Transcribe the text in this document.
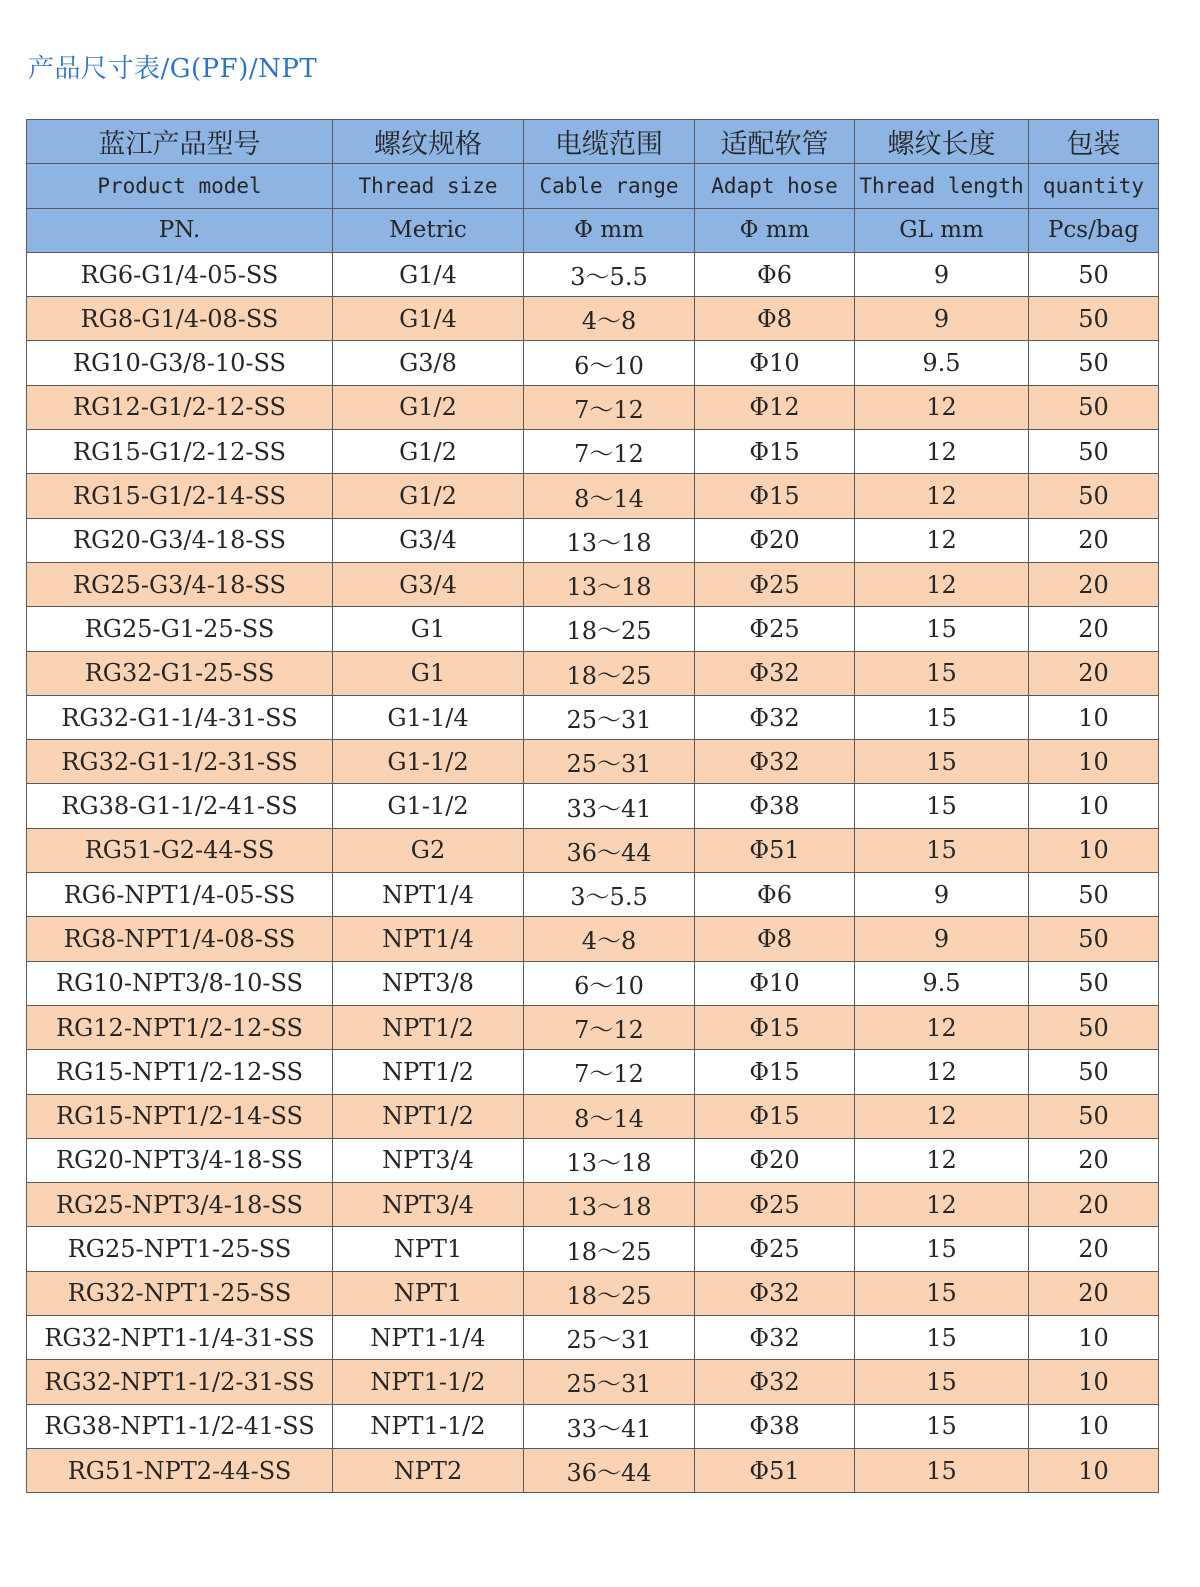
产品尺寸表/G(PF)/NPT
蓝江产品型号	螺纹规格	电缆范围	适配软管	螺纹长度	包装
Product model	Thread size	Cable range	Adapt hose	Thread length	quantity
PN.	Metric	Φ mm	Φ mm	GL mm	Pcs/bag
RG6-G1/4-05-SS	G1/4	3～5.5	Φ6	9	50
RG8-G1/4-08-SS	G1/4	4～8	Φ8	9	50
RG10-G3/8-10-SS	G3/8	6～10	Φ10	9.5	50
RG12-G1/2-12-SS	G1/2	7～12	Φ12	12	50
RG15-G1/2-12-SS	G1/2	7～12	Φ15	12	50
RG15-G1/2-14-SS	G1/2	8～14	Φ15	12	50
RG20-G3/4-18-SS	G3/4	13～18	Φ20	12	20
RG25-G3/4-18-SS	G3/4	13～18	Φ25	12	20
RG25-G1-25-SS	G1	18～25	Φ25	15	20
RG32-G1-25-SS	G1	18～25	Φ32	15	20
RG32-G1-1/4-31-SS	G1-1/4	25～31	Φ32	15	10
RG32-G1-1/2-31-SS	G1-1/2	25～31	Φ32	15	10
RG38-G1-1/2-41-SS	G1-1/2	33～41	Φ38	15	10
RG51-G2-44-SS	G2	36～44	Φ51	15	10
RG6-NPT1/4-05-SS	NPT1/4	3～5.5	Φ6	9	50
RG8-NPT1/4-08-SS	NPT1/4	4～8	Φ8	9	50
RG10-NPT3/8-10-SS	NPT3/8	6～10	Φ10	9.5	50
RG12-NPT1/2-12-SS	NPT1/2	7～12	Φ15	12	50
RG15-NPT1/2-12-SS	NPT1/2	7～12	Φ15	12	50
RG15-NPT1/2-14-SS	NPT1/2	8～14	Φ15	12	50
RG20-NPT3/4-18-SS	NPT3/4	13～18	Φ20	12	20
RG25-NPT3/4-18-SS	NPT3/4	13～18	Φ25	12	20
RG25-NPT1-25-SS	NPT1	18～25	Φ25	15	20
RG32-NPT1-25-SS	NPT1	18～25	Φ32	15	20
RG32-NPT1-1/4-31-SS	NPT1-1/4	25～31	Φ32	15	10
RG32-NPT1-1/2-31-SS	NPT1-1/2	25～31	Φ32	15	10
RG38-NPT1-1/2-41-SS	NPT1-1/2	33～41	Φ38	15	10
RG51-NPT2-44-SS	NPT2	36～44	Φ51	15	10
